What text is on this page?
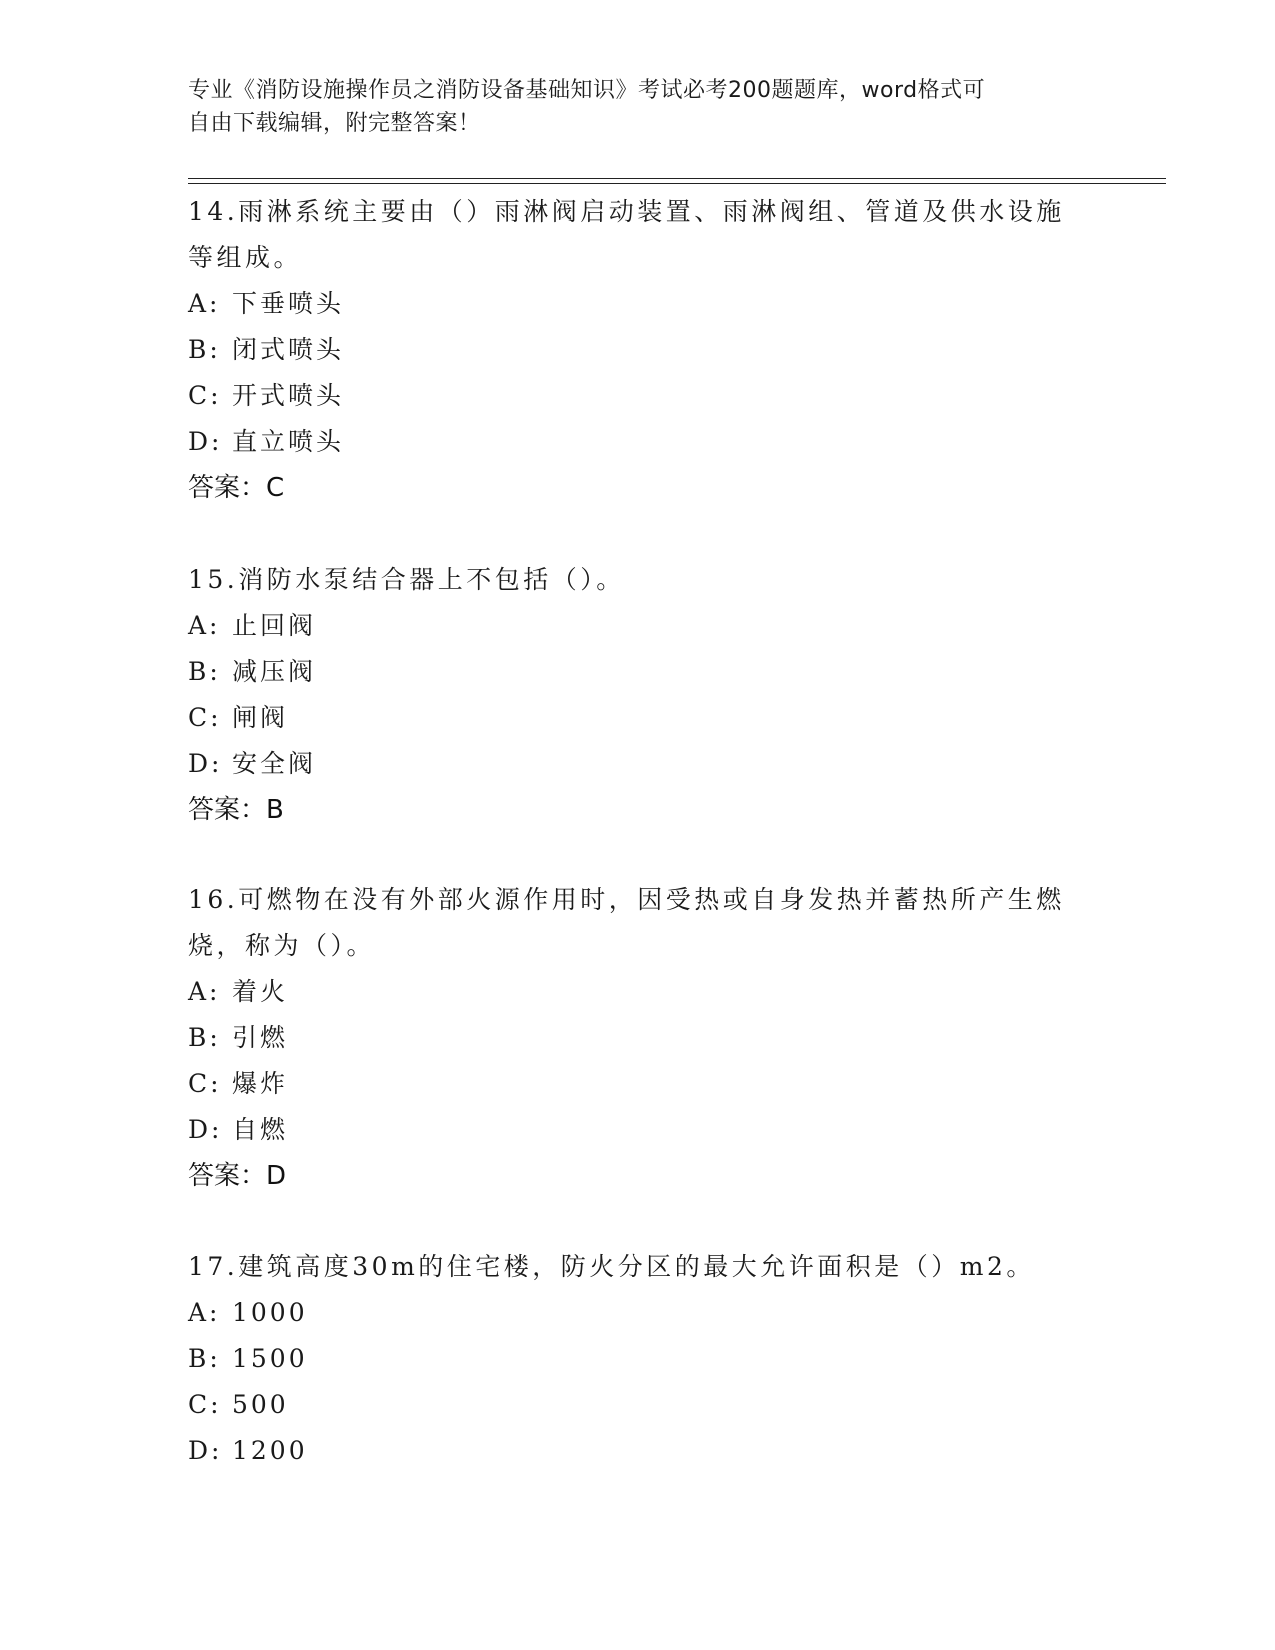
专业《消防设施操作员之消防设备基础知识》考试必考200题题库，word格式可
自由下载编辑，附完整答案！

14.雨淋系统主要由（）雨淋阀启动装置、雨淋阀组、管道及供水设施等组成。

A: 下垂喷头
B: 闭式喷头
C: 开式喷头
D: 直立喷头
答案：C

15.消防水泵结合器上不包括（）。

A: 止回阀
B: 减压阀
C: 闸阀
D: 安全阀
答案：B

16.可燃物在没有外部火源作用时，因受热或自身发热并蓄热所产生燃烧，称为（）。

A: 着火
B: 引燃
C: 爆炸
D: 自燃
答案：D

17.建筑高度30m的住宅楼，防火分区的最大允许面积是（）m2。

A: 1000
B: 1500
C: 500
D: 1200
